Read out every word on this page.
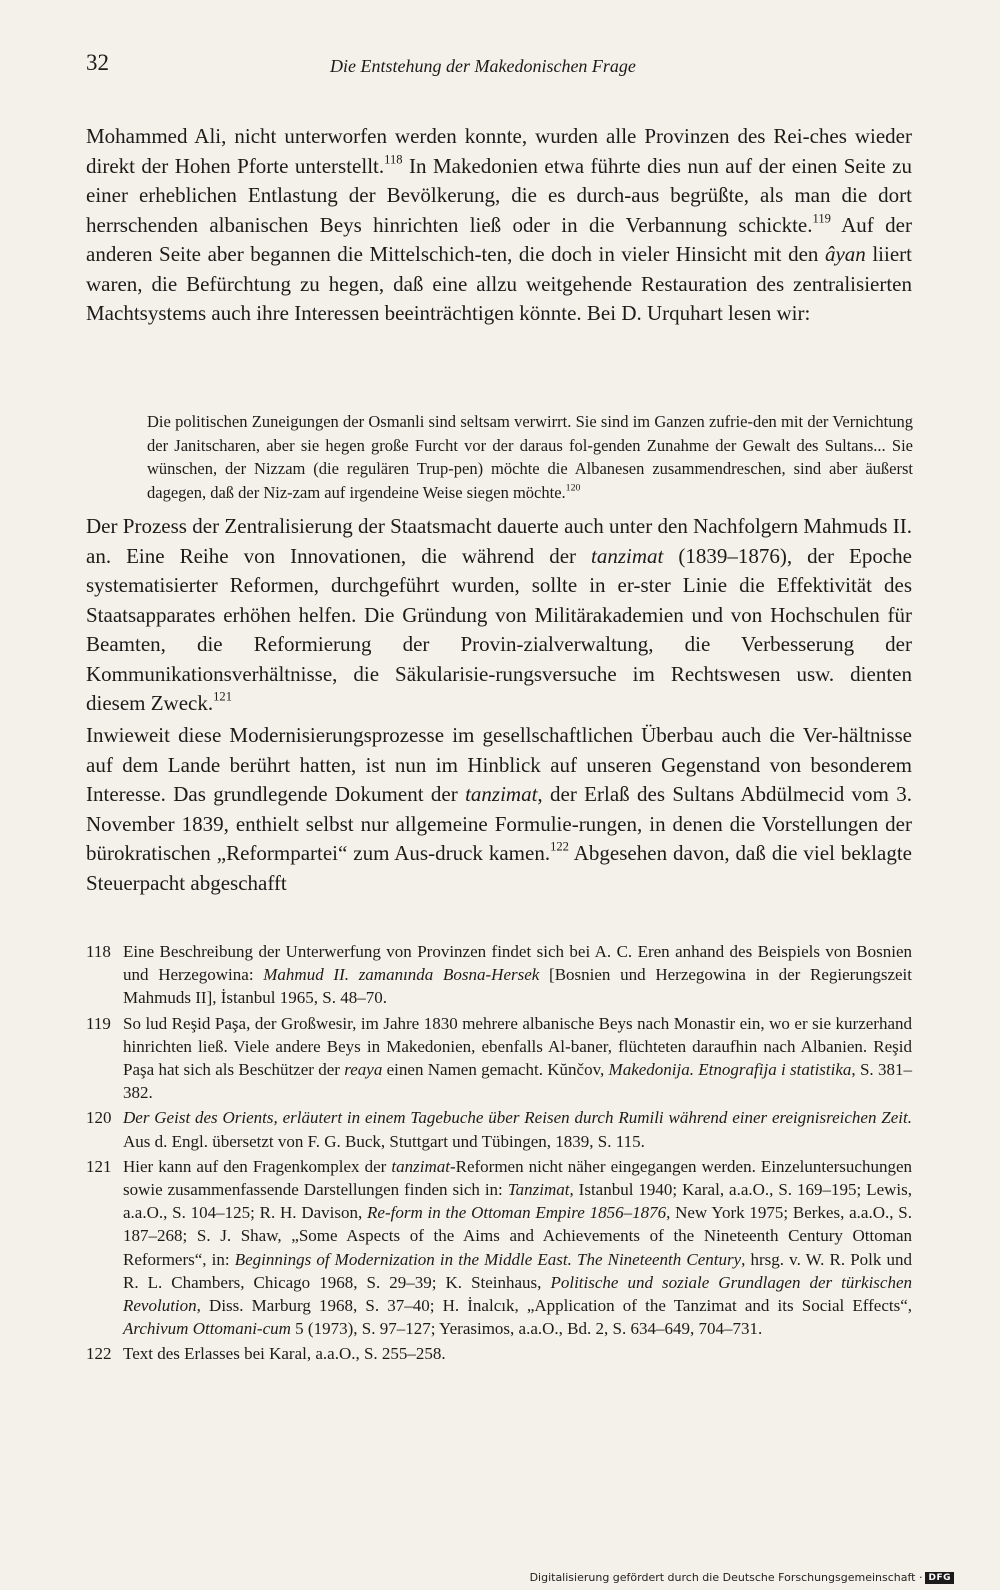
32	Die Entstehung der Makedonischen Frage

Mohammed Ali, nicht unterworfen werden konnte, wurden alle Provinzen des Rei-ches wieder direkt der Hohen Pforte unterstellt.$^{118}$ In Makedonien etwa führte dies nun auf der einen Seite zu einer erheblichen Entlastung der Bevölkerung, die es durch-aus begrüßte, als man die dort herrschenden albanischen Beys hinrichten ließ oder in die Verbannung schickte.$^{119}$ Auf der anderen Seite aber begannen die Mittelschich-ten, die doch in vieler Hinsicht mit den âyan liiert waren, die Befürchtung zu hegen, daß eine allzu weitgehende Restauration des zentralisierten Machtsystems auch ihre Interessen beeinträchtigen könnte. Bei D. Urquhart lesen wir:

Die politischen Zuneigungen der Osmanli sind seltsam verwirrt. Sie sind im Ganzen zufrie-den mit der Vernichtung der Janitscharen, aber sie hegen große Furcht vor der daraus fol-genden Zunahme der Gewalt des Sultans... Sie wünschen, der Nizzam (die regulären Trup-pen) möchte die Albanesen zusammendreschen, sind aber äußerst dagegen, daß der Niz-zam auf irgendeine Weise siegen möchte.$^{120}$

Der Prozess der Zentralisierung der Staatsmacht dauerte auch unter den Nachfolgern Mahmuds II. an. Eine Reihe von Innovationen, die während der tanzimat (1839–1876), der Epoche systematisierter Reformen, durchgeführt wurden, sollte in er-ster Linie die Effektivität des Staatsapparates erhöhen helfen. Die Gründung von Militärakademien und von Hochschulen für Beamten, die Reformierung der Provin-zialverwaltung, die Verbesserung der Kommunikationsverhältnisse, die Säkularisie-rungsversuche im Rechtswesen usw. dienten diesem Zweck.$^{121}$

Inwieweit diese Modernisierungsprozesse im gesellschaftlichen Überbau auch die Ver-hältnisse auf dem Lande berührt hatten, ist nun im Hinblick auf unseren Gegenstand von besonderem Interesse. Das grundlegende Dokument der tanzimat, der Erlaß des Sultans Abdülmecid vom 3. November 1839, enthielt selbst nur allgemeine Formulie-rungen, in denen die Vorstellungen der bürokratischen „Reformpartei“ zum Aus-druck kamen.$^{122}$ Abgesehen davon, daß die viel beklagte Steuerpacht abgeschafft

118 Eine Beschreibung der Unterwerfung von Provinzen findet sich bei A. C. Eren anhand des Beispiels von Bosnien und Herzegowina: Mahmud II. zamanında Bosna-Hersek [Bosnien und Herzegowina in der Regierungszeit Mahmuds II], İstanbul 1965, S. 48–70.
119 So lud Reşid Paşa, der Großwesir, im Jahre 1830 mehrere albanische Beys nach Monastir ein, wo er sie kurzerhand hinrichten ließ. Viele andere Beys in Makedonien, ebenfalls Al-baner, flüchteten daraufhin nach Albanien. Reşid Paşa hat sich als Beschützer der reaya einen Namen gemacht. Kŭnčov, Makedonija. Etnografija i statistika, S. 381–382.
120 Der Geist des Orients, erläutert in einem Tagebuche über Reisen durch Rumili während einer ereignisreichen Zeit. Aus d. Engl. übersetzt von F. G. Buck, Stuttgart und Tübingen, 1839, S. 115.
121 Hier kann auf den Fragenkomplex der tanzimat-Reformen nicht näher eingegangen werden. Einzeluntersuchungen sowie zusammenfassende Darstellungen finden sich in: Tanzimat, Istanbul 1940; Karal, a.a.O., S. 169–195; Lewis, a.a.O., S. 104–125; R. H. Davison, Re-form in the Ottoman Empire 1856–1876, New York 1975; Berkes, a.a.O., S. 187–268; S. J. Shaw, „Some Aspects of the Aims and Achievements of the Nineteenth Century Ottoman Reformers“, in: Beginnings of Modernization in the Middle East. The Nineteenth Century, hrsg. v. W. R. Polk und R. L. Chambers, Chicago 1968, S. 29–39; K. Steinhaus, Politische und soziale Grundlagen der türkischen Revolution, Diss. Marburg 1968, S. 37–40; H. İnalcık, „Application of the Tanzimat and its Social Effects“, Archivum Ottomani-cum 5 (1973), S. 97–127; Yerasimos, a.a.O., Bd. 2, S. 634–649, 704–731.
122 Text des Erlasses bei Karal, a.a.O., S. 255–258.
Digitalisierung gefördert durch die Deutsche Forschungsgemeinschaft · DFG
